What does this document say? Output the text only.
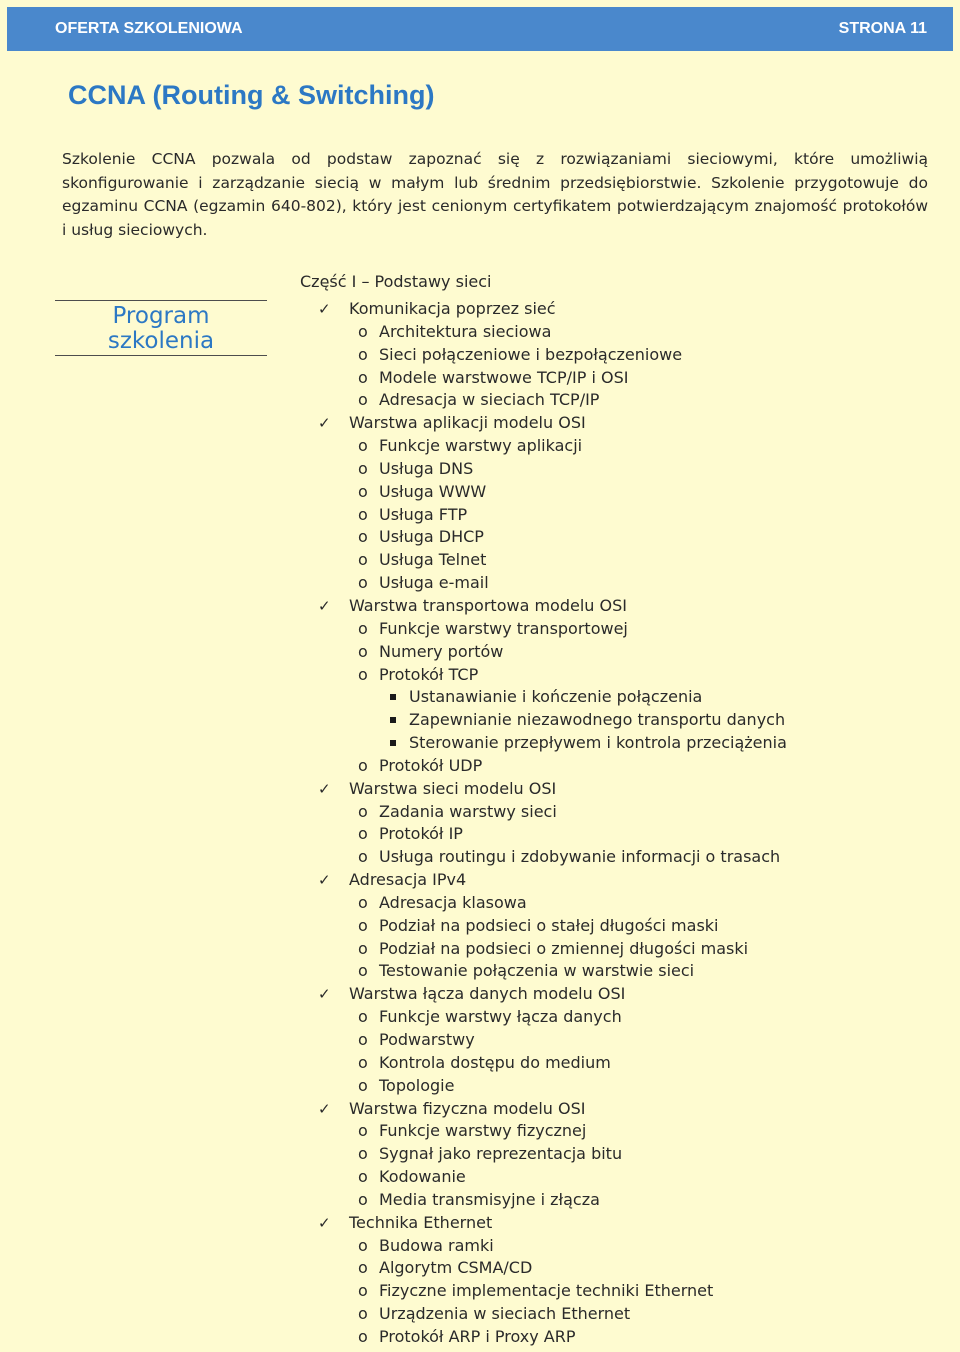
OFERTA SZKOLENIOWA	STRONA 11
CCNA (Routing & Switching)

Szkolenie CCNA pozwala od podstaw zapoznać się z rozwiązaniami sieciowymi, które umożliwią skonfigurowanie i zarządzanie siecią w małym lub średnim przedsiębiorstwie. Szkolenie przygotowuje do egzaminu CCNA (egzamin 640-802), który jest cenionym certyfikatem potwierdzającym znajomość protokołów i usług sieciowych.

Program
szkolenia
Część I – Podstawy sieci
✓ Komunikacja poprzez sieć
o Architektura sieciowa
o Sieci połączeniowe i bezpołączeniowe
o Modele warstwowe TCP/IP i OSI
o Adresacja w sieciach TCP/IP
✓ Warstwa aplikacji modelu OSI
o Funkcje warstwy aplikacji
o Usługa DNS
o Usługa WWW
o Usługa FTP
o Usługa DHCP
o Usługa Telnet
o Usługa e-mail
✓ Warstwa transportowa modelu OSI
o Funkcje warstwy transportowej
o Numery portów
o Protokół TCP
Ustanawianie i kończenie połączenia
Zapewnianie niezawodnego transportu danych
Sterowanie przepływem i kontrola przeciążenia
o Protokół UDP
✓ Warstwa sieci modelu OSI
o Zadania warstwy sieci
o Protokół IP
o Usługa routingu i zdobywanie informacji o trasach
✓ Adresacja IPv4
o Adresacja klasowa
o Podział na podsieci o stałej długości maski
o Podział na podsieci o zmiennej długości maski
o Testowanie połączenia w warstwie sieci
✓ Warstwa łącza danych modelu OSI
o Funkcje warstwy łącza danych
o Podwarstwy
o Kontrola dostępu do medium
o Topologie
✓ Warstwa fizyczna modelu OSI
o Funkcje warstwy fizycznej
o Sygnał jako reprezentacja bitu
o Kodowanie
o Media transmisyjne i złącza
✓ Technika Ethernet
o Budowa ramki
o Algorytm CSMA/CD
o Fizyczne implementacje techniki Ethernet
o Urządzenia w sieciach Ethernet
o Protokół ARP i Proxy ARP
